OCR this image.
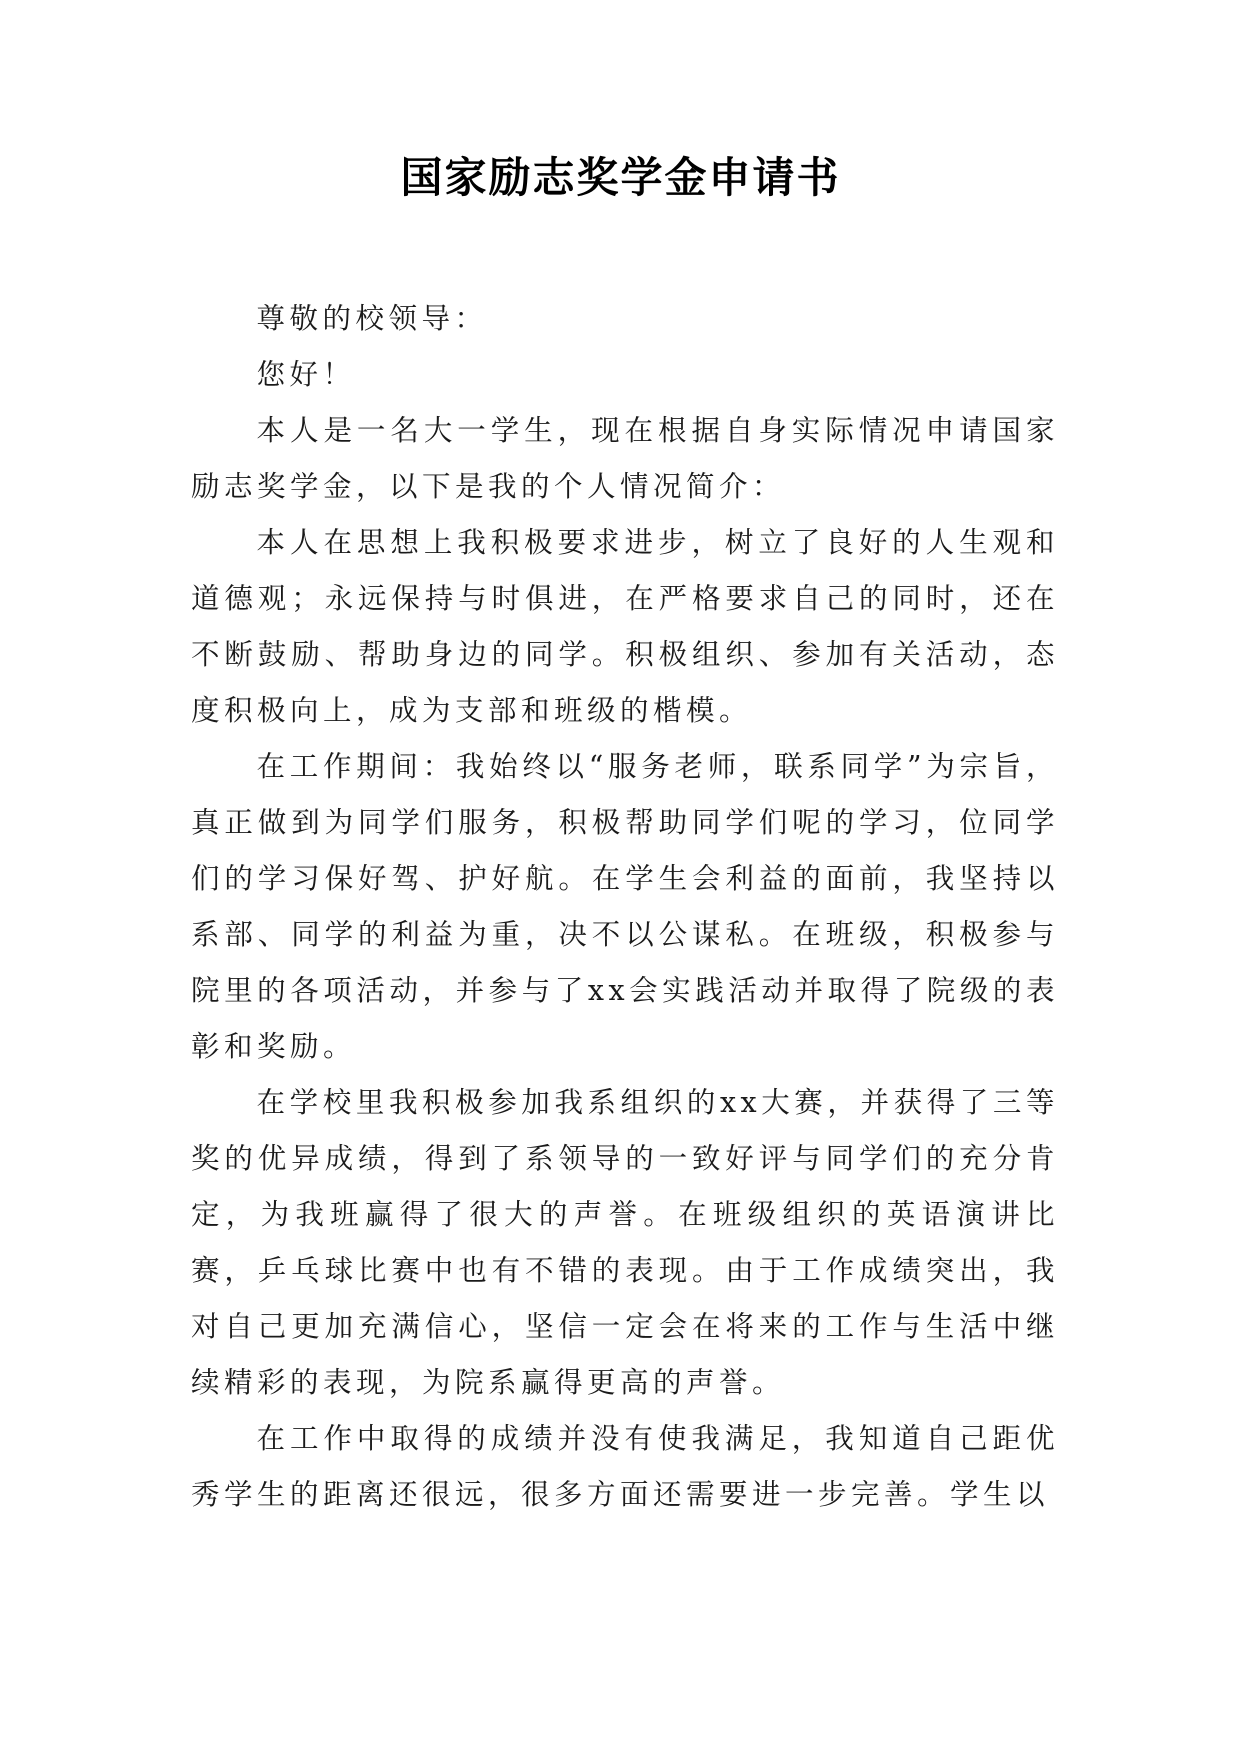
国家励志奖学金申请书

尊敬的校领导：

您好！

本人是一名大一学生，现在根据自身实际情况申请国家励志奖学金，以下是我的个人情况简介：

本人在思想上我积极要求进步，树立了良好的人生观和道德观；永远保持与时俱进，在严格要求自己的同时，还在不断鼓励、帮助身边的同学。积极组织、参加有关活动，态度积极向上，成为支部和班级的楷模。

在工作期间：我始终以“服务老师，联系同学”为宗旨，真正做到为同学们服务，积极帮助同学们呢的学习，位同学们的学习保好驾、护好航。在学生会利益的面前，我坚持以系部、同学的利益为重，决不以公谋私。在班级，积极参与院里的各项活动，并参与了xx会实践活动并取得了院级的表彰和奖励。

在学校里我积极参加我系组织的xx大赛，并获得了三等奖的优异成绩，得到了系领导的一致好评与同学们的充分肯定，为我班赢得了很大的声誉。在班级组织的英语演讲比赛，乒乓球比赛中也有不错的表现。由于工作成绩突出，我对自己更加充满信心，坚信一定会在将来的工作与生活中继续精彩的表现，为院系赢得更高的声誉。

在工作中取得的成绩并没有使我满足，我知道自己距优秀学生的距离还很远，很多方面还需要进一步完善。学生以
